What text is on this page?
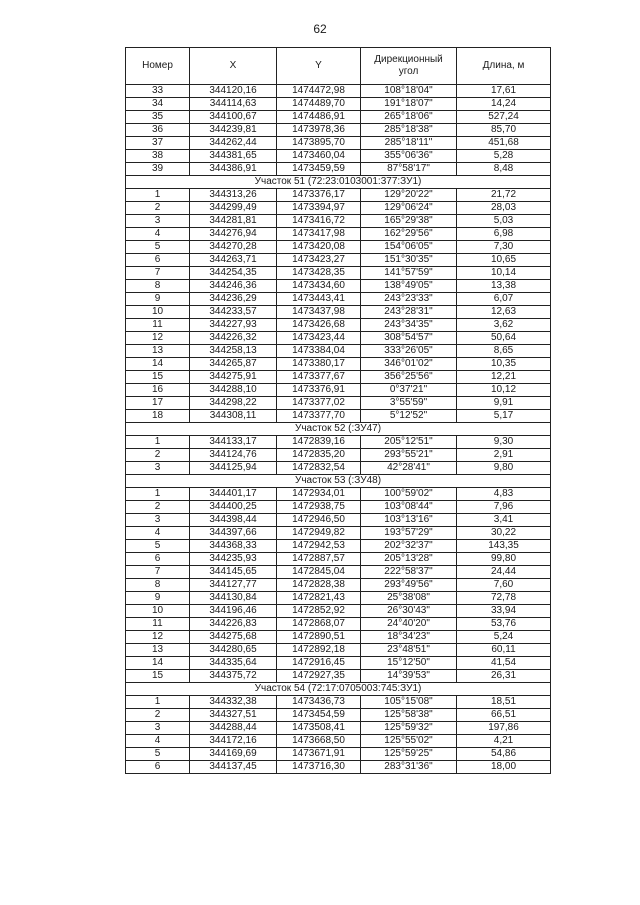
62
Номер	X	Y	Дирекционный угол	Длина, м
33	344120,16	1474472,98	108°18'04"	17,61
34	344114,63	1474489,70	191°18'07"	14,24
35	344100,67	1474486,91	265°18'06"	527,24
36	344239,81	1473978,36	285°18'38"	85,70
37	344262,44	1473895,70	285°18'11"	451,68
38	344381,65	1473460,04	355°06'36"	5,28
39	344386,91	1473459,59	87°58'17"	8,48
Участок 51 (72:23:0103001:377:ЗУ1)				
1	344313,26	1473376,17	129°20'22"	21,72
2	344299,49	1473394,97	129°06'24"	28,03
3	344281,81	1473416,72	165°29'38"	5,03
4	344276,94	1473417,98	162°29'56"	6,98
5	344270,28	1473420,08	154°06'05"	7,30
6	344263,71	1473423,27	151°30'35"	10,65
7	344254,35	1473428,35	141°57'59"	10,14
8	344246,36	1473434,60	138°49'05"	13,38
9	344236,29	1473443,41	243°23'33"	6,07
10	344233,57	1473437,98	243°28'31"	12,63
11	344227,93	1473426,68	243°34'35"	3,62
12	344226,32	1473423,44	308°54'57"	50,64
13	344258,13	1473384,04	333°26'05"	8,65
14	344265,87	1473380,17	346°01'02"	10,35
15	344275,91	1473377,67	356°25'56"	12,21
16	344288,10	1473376,91	0°37'21"	10,12
17	344298,22	1473377,02	3°55'59"	9,91
18	344308,11	1473377,70	5°12'52"	5,17
Участок 52 (:ЗУ47)				
1	344133,17	1472839,16	205°12'51"	9,30
2	344124,76	1472835,20	293°55'21"	2,91
3	344125,94	1472832,54	42°28'41"	9,80
Участок 53 (:ЗУ48)				
1	344401,17	1472934,01	100°59'02"	4,83
2	344400,25	1472938,75	103°08'44"	7,96
3	344398,44	1472946,50	103°13'16"	3,41
4	344397,66	1472949,82	193°57'29"	30,22
5	344368,33	1472942,53	202°32'37"	143,35
6	344235,93	1472887,57	205°13'28"	99,80
7	344145,65	1472845,04	222°58'37"	24,44
8	344127,77	1472828,38	293°49'56"	7,60
9	344130,84	1472821,43	25°38'08"	72,78
10	344196,46	1472852,92	26°30'43"	33,94
11	344226,83	1472868,07	24°40'20"	53,76
12	344275,68	1472890,51	18°34'23"	5,24
13	344280,65	1472892,18	23°48'51"	60,11
14	344335,64	1472916,45	15°12'50"	41,54
15	344375,72	1472927,35	14°39'53"	26,31
Участок 54 (72:17:0705003:745:ЗУ1)				
1	344332,38	1473436,73	105°15'08"	18,51
2	344327,51	1473454,59	125°58'38"	66,51
3	344288,44	1473508,41	125°59'32"	197,86
4	344172,16	1473668,50	125°55'02"	4,21
5	344169,69	1473671,91	125°59'25"	54,86
6	344137,45	1473716,30	283°31'36"	18,00
